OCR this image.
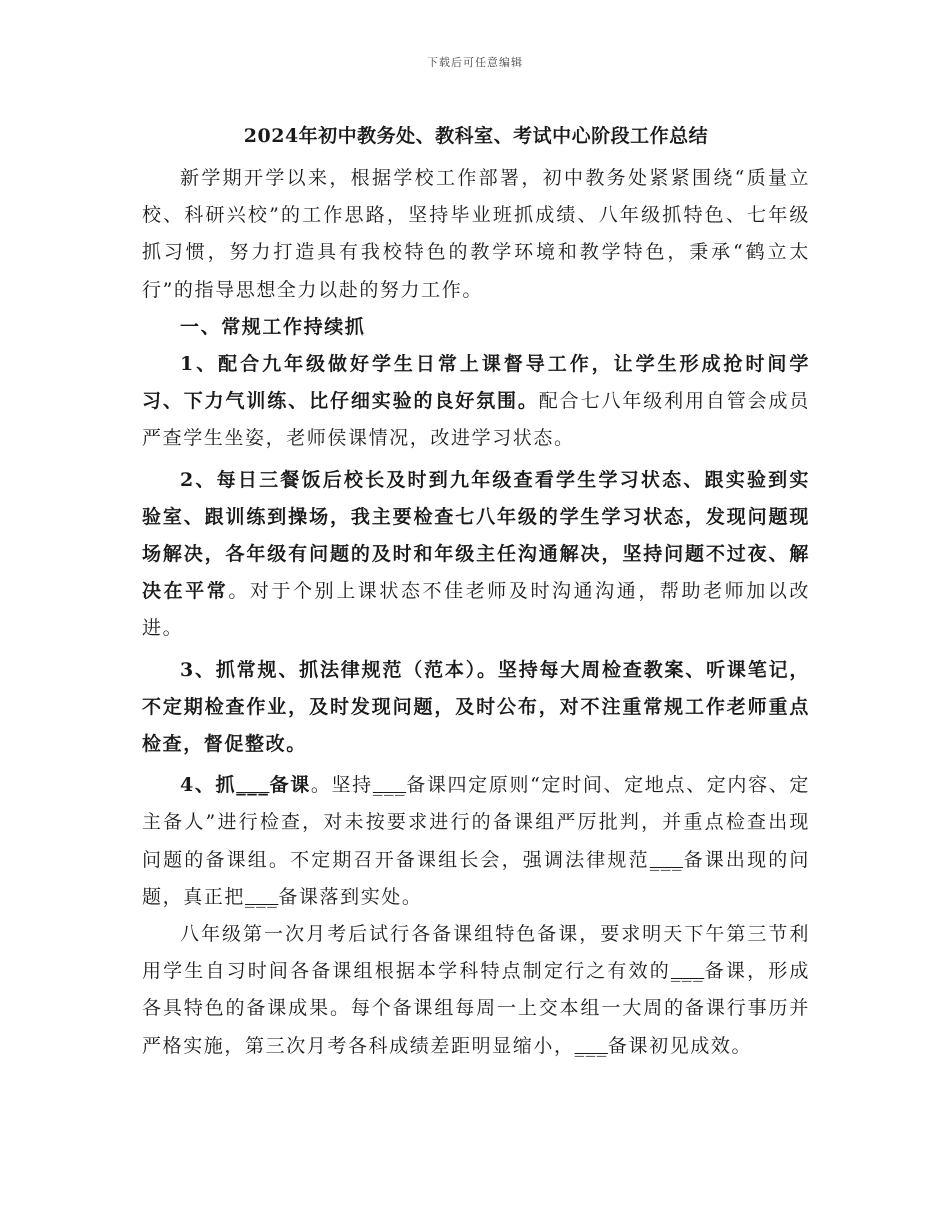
下载后可任意编辑
2024年初中教务处、教科室、考试中心阶段工作总结

新学期开学以来，根据学校工作部署，初中教务处紧紧围绕“质量立校、科研兴校”的工作思路，坚持毕业班抓成绩、八年级抓特色、七年级抓习惯，努力打造具有我校特色的教学环境和教学特色，秉承“鹤立太行”的指导思想全力以赴的努力工作。

一、常规工作持续抓

1、配合九年级做好学生日常上课督导工作，让学生形成抢时间学习、下力气训练、比仔细实验的良好氛围。配合七八年级利用自管会成员严查学生坐姿，老师侯课情况，改进学习状态。

2、每日三餐饭后校长及时到九年级查看学生学习状态、跟实验到实验室、跟训练到操场，我主要检查七八年级的学生学习状态，发现问题现场解决，各年级有问题的及时和年级主任沟通解决，坚持问题不过夜、解决在平常。对于个别上课状态不佳老师及时沟通沟通，帮助老师加以改进。

3、抓常规、抓法律规范（范本）。坚持每大周检查教案、听课笔记，不定期检查作业，及时发现问题，及时公布，对不注重常规工作老师重点检查，督促整改。

4、抓___备课。坚持___备课四定原则“定时间、定地点、定内容、定主备人”进行检查，对未按要求进行的备课组严厉批判，并重点检查出现问题的备课组。不定期召开备课组长会，强调法律规范___备课出现的问题，真正把___备课落到实处。

八年级第一次月考后试行各备课组特色备课，要求明天下午第三节利用学生自习时间各备课组根据本学科特点制定行之有效的___备课，形成各具特色的备课成果。每个备课组每周一上交本组一大周的备课行事历并严格实施，第三次月考各科成绩差距明显缩小，___备课初见成效。
